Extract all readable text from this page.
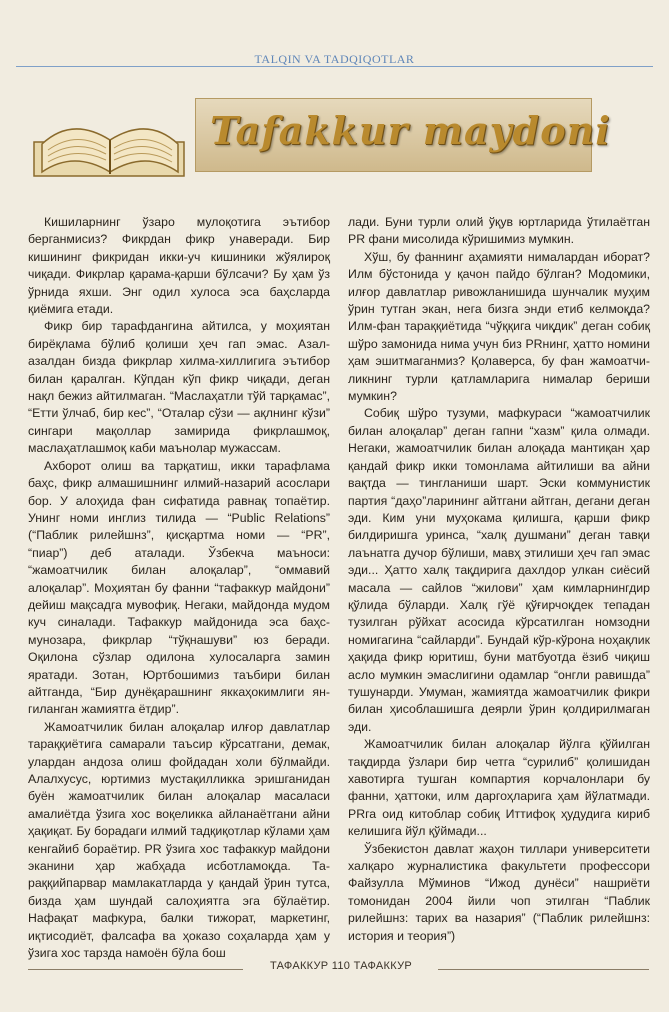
TALQIN VA TADQIQOTLAR
Tafakkur maydoni

Кишиларнинг ўзаро мулоқотига эътибор берганмисиз? Фикрдан фикр унаверади. Бир кишининг фикридан икки-уч кишиники жўялироқ чиқади. Фикрлар қарама-қарши бўлсачи? Бу ҳам ўз ўрнида яхши. Энг одил хулоса эса баҳсларда қиёмига етади.

Фикр бир тарафдангина айтилса, у моҳиятан бирёқлама бўлиб қолиши ҳеч гап эмас. Азал-азалдан бизда фикрлар хилма-хиллигига эътибор билан қаралган. Кўпдан кўп фикр чиқади, деган нақл бежиз айтилмаган. “Маслаҳатли тўй тарқамас”, “Етти ўлчаб, бир кес”, “Оталар сўзи — ақлнинг кўзи” сингари мақоллар замирида фикрлашмоқ, маслаҳатлашмоқ каби маънолар мужассам.

Ахборот олиш ва тарқатиш, икки тарафлама баҳс, фикр алмашишнинг илмий-назарий асослари бор. У алоҳида фан сифатида равнақ топаётир. Унинг номи инглиз тилида — “Public Relations” (“Паблик рилейшнз”, қисқартма номи — “PR”, “пиар”) деб аталади. Ўзбекча маъноси: “жамоатчилик билан алоқалар”, “оммавий алоқалар”. Моҳиятан бу фанни “тафаккур майдони” дейиш мақсадга мувофиқ. Негаки, майдонда мудом куч синалади. Тафаккур майдонида эса баҳс-мунозара, фикрлар “тўқнашуви” юз беради. Оқилона сўзлар одилона хулосаларга замин яратади. Зотан, Юртбошимиз таъбири билан айтганда, “Бир дунёқарашнинг яккаҳокимлиги янгиланган жамиятга ётдир”.

Жамоатчилик билан алоқалар илғор давлатлар тараққиётига самарали таъсир кўрсатгани, демак, улардан андоза олиш фойдадан холи бўлмайди. Алалхусус, юртимиз мустақилликка эришганидан буён жамоатчилик билан алоқалар масаласи амалиётда ўзига хос воқеликка айланаётгани айни ҳақиқат. Бу борадаги илмий тадқиқотлар кўлами ҳам кенгайиб бораётир. PR ўзига хос тафаккур майдони эканини ҳар жабҳада исботламоқда. Тараққийпарвар мамлакатларда у қандай ўрин тутса, бизда ҳам шундай салоҳиятга эга бўлаётир. Нафақат мафкура, балки тижорат, маркетинг, иқтисодиёт, фалсафа ва ҳоказо соҳаларда ҳам у ўзига хос тарзда намоён бўла бош

лади. Буни турли олий ўқув юртларида ўтилаётган PR фани мисолида кўришимиз мумкин.

Хўш, бу фаннинг аҳамияти нималардан иборат? Илм бўстонида у қачон пайдо бўлган? Модомики, илғор давлатлар ривожланишида шунчалик муҳим ўрин тутган экан, нега бизга энди етиб келмоқда? Илм-фан тараққиётида “чўққига чиқдик” деган собиқ шўро замонида нима учун биз PRнинг, ҳатто номини ҳам эшитмаганмиз? Қолаверса, бу фан жамоатчиликнинг турли қатламларига нималар бериши мумкин?

Собиқ шўро тузуми, мафкураси “жамоатчилик билан алоқалар” деган гапни “хазм” қила олмади. Негаки, жамоатчилик билан алоқада мантиқан ҳар қандай фикр икки томонлама айтилиши ва айни вақтда — тингланиши шарт. Эски коммунистик партия “даҳо”ларининг айтгани айтган, дегани деган эди. Ким уни муҳокама қилишга, қарши фикр билдиришга уринса, “халқ душмани” деган тавқи лаънатга дучор бўлиши, мавҳ этилиши ҳеч гап эмас эди... Ҳатто халқ тақдирига дахлдор улкан сиёсий масала — сайлов “жилови” ҳам кимларнингдир қўлида бўларди. Халқ гўё қўғирчоқдек тепадан тузилган рўйхат асосида кўрсатилган номзодни номигагина “сайларди”. Бундай кўр-кўрона ноҳақлик ҳақида фикр юритиш, буни матбуотда ёзиб чиқиш асло мумкин эмаслигини одамлар “онгли равишда” тушунарди. Умуман, жамиятда жамоатчилик фикри билан ҳисоблашишга деярли ўрин қолдирилмаган эди.

Жамоатчилик билан алоқалар йўлга қўйилган тақдирда ўзлари бир четга “сурилиб” қолишидан хавотирга тушган компартия корчалонлари бу фанни, ҳаттоки, илм даргоҳларига ҳам йўлатмади. PRга оид китоблар собиқ Иттифоқ ҳудудига кириб келишига йўл қўймади...

Ўзбекистон давлат жаҳон тиллари университети халқаро журналистика факультети профессори Файзулла Мўминов “Ижод дунёси” нашриёти томонидан 2004 йили чоп этилган “Паблик рилейшнз: тарих ва назария” (“Паблик рилейшнз: история и теория”)

ТАФАККУР 110 ТАФАККУР
